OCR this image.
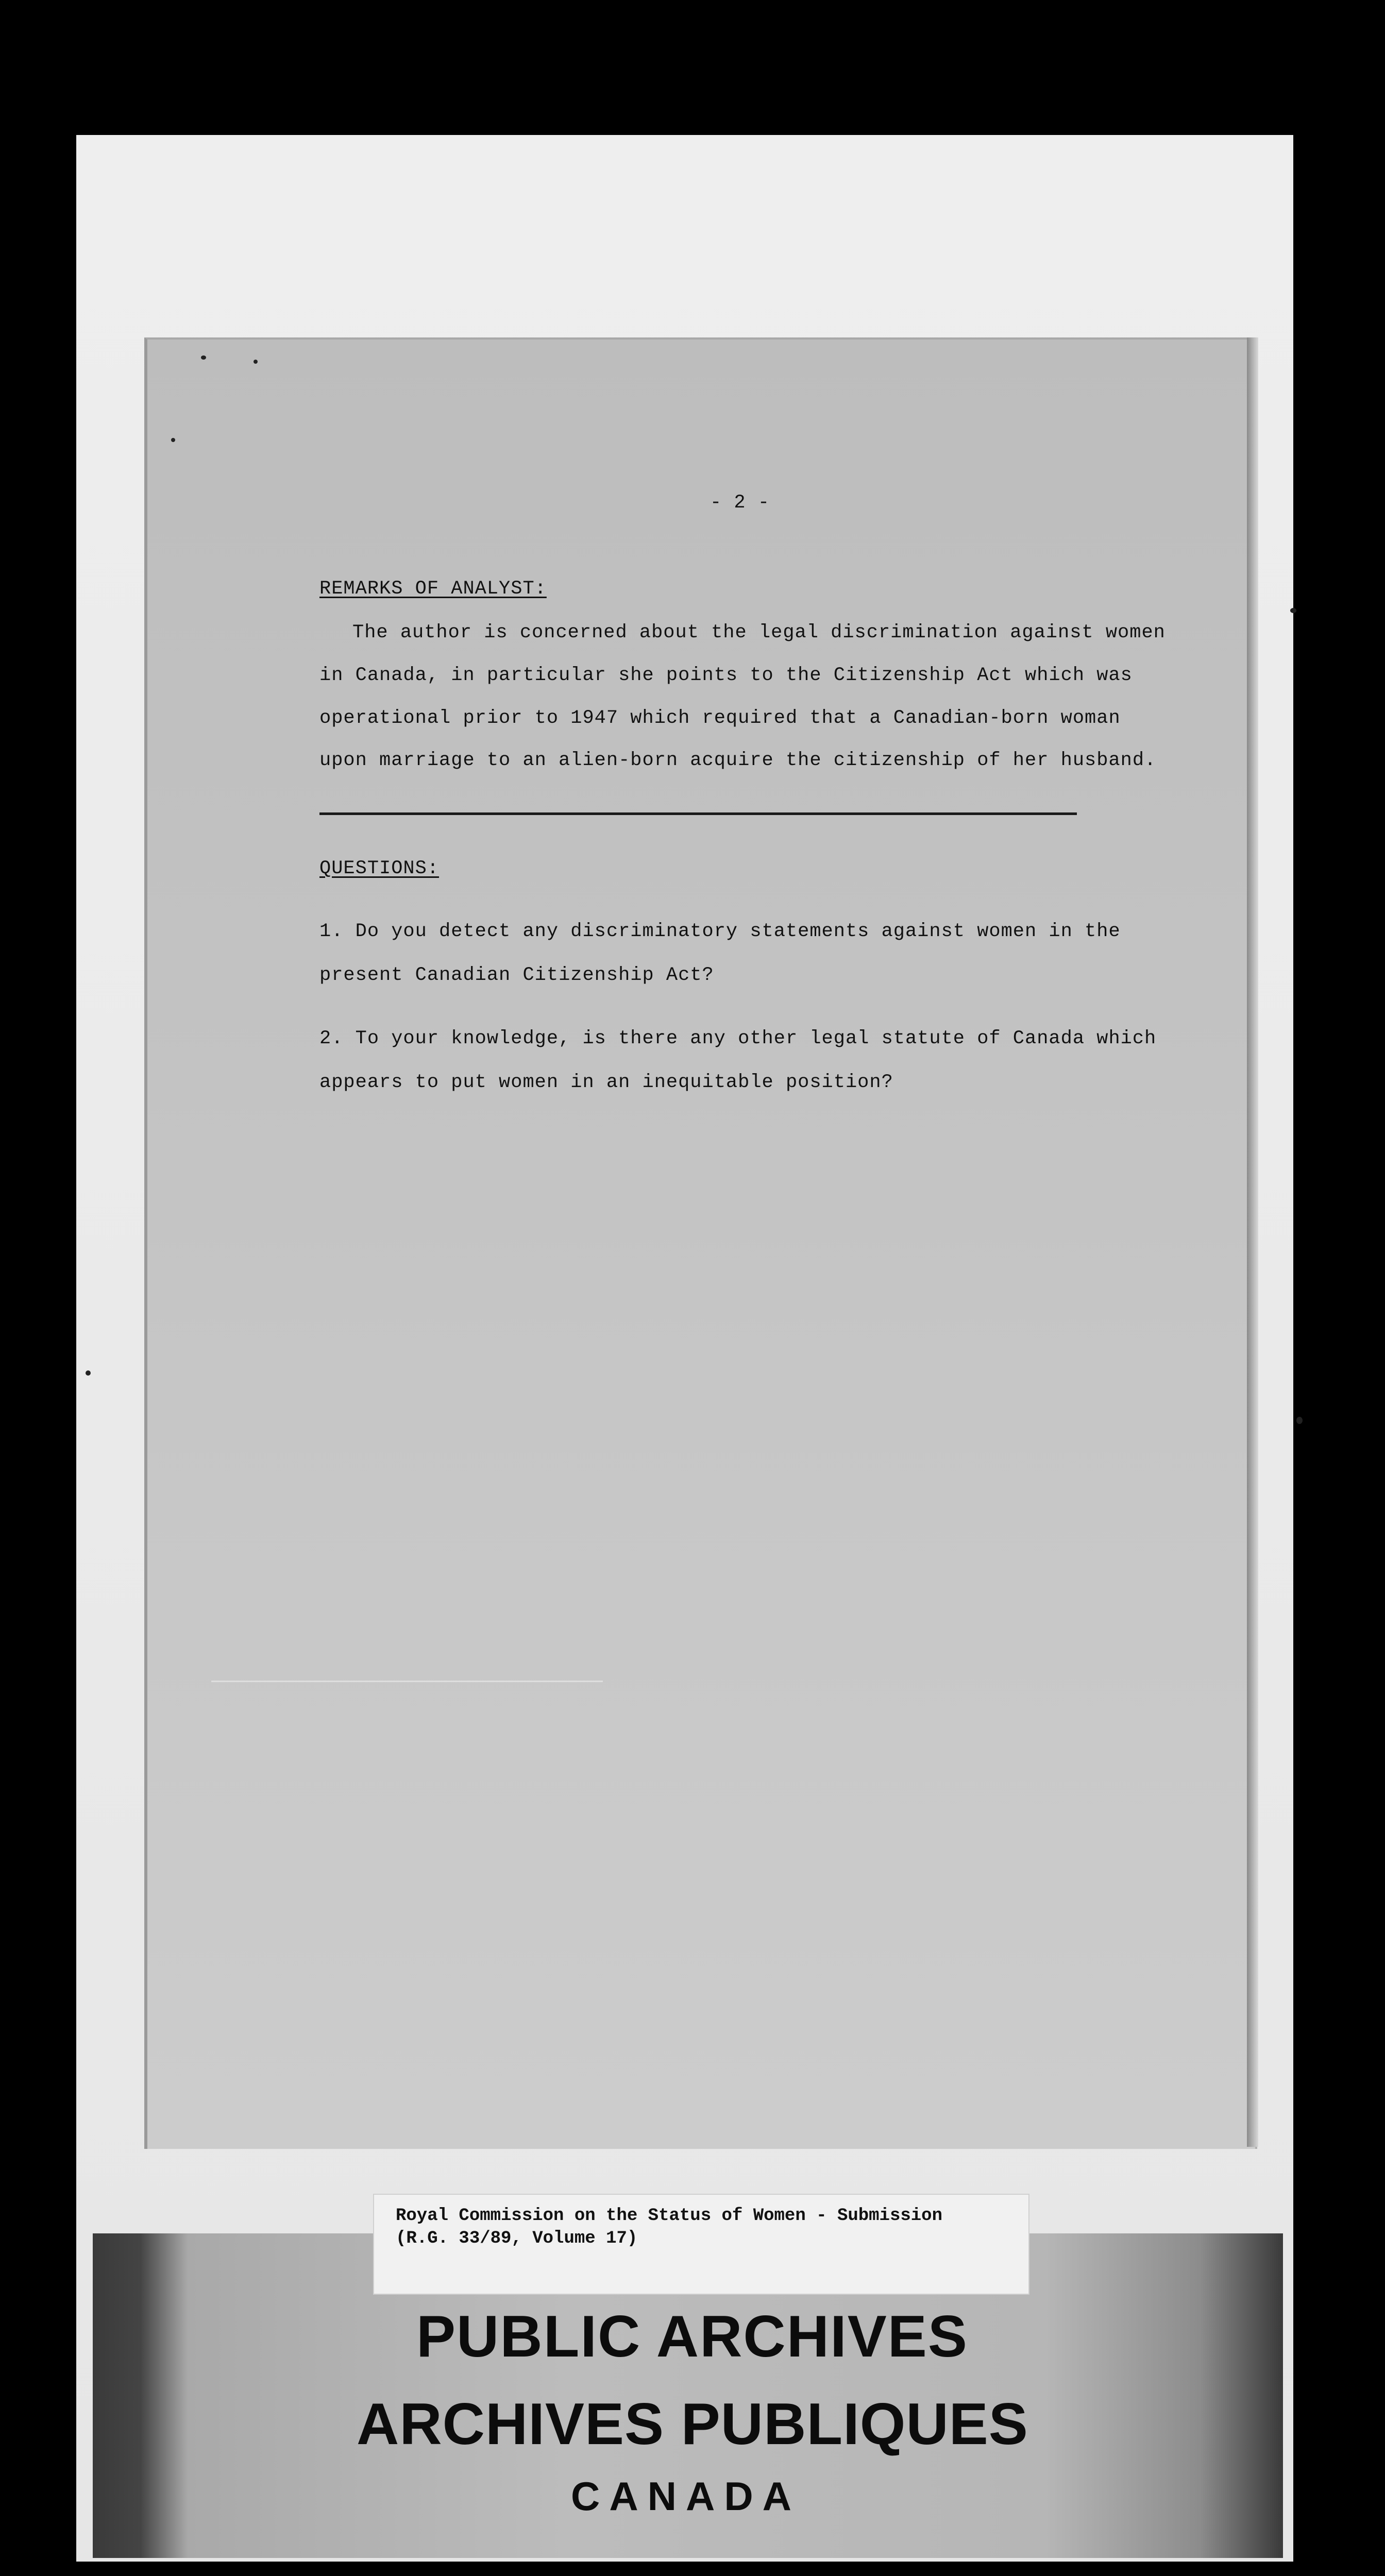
- 2 -
REMARKS OF ANALYST:
The author is concerned about the legal discrimination against women
in Canada, in particular she points to the Citizenship Act which was
operational prior to 1947 which required that a Canadian-born woman
upon marriage to an alien-born acquire the citizenship of her husband.
QUESTIONS:
1. Do you detect any discriminatory statements against women in the
present Canadian Citizenship Act?
2. To your knowledge, is there any other legal statute of Canada which
appears to put women in an inequitable position?
Royal Commission on the Status of Women - Submission
(R.G. 33/89, Volume 17)
PUBLIC ARCHIVES
ARCHIVES PUBLIQUES
CANADA
